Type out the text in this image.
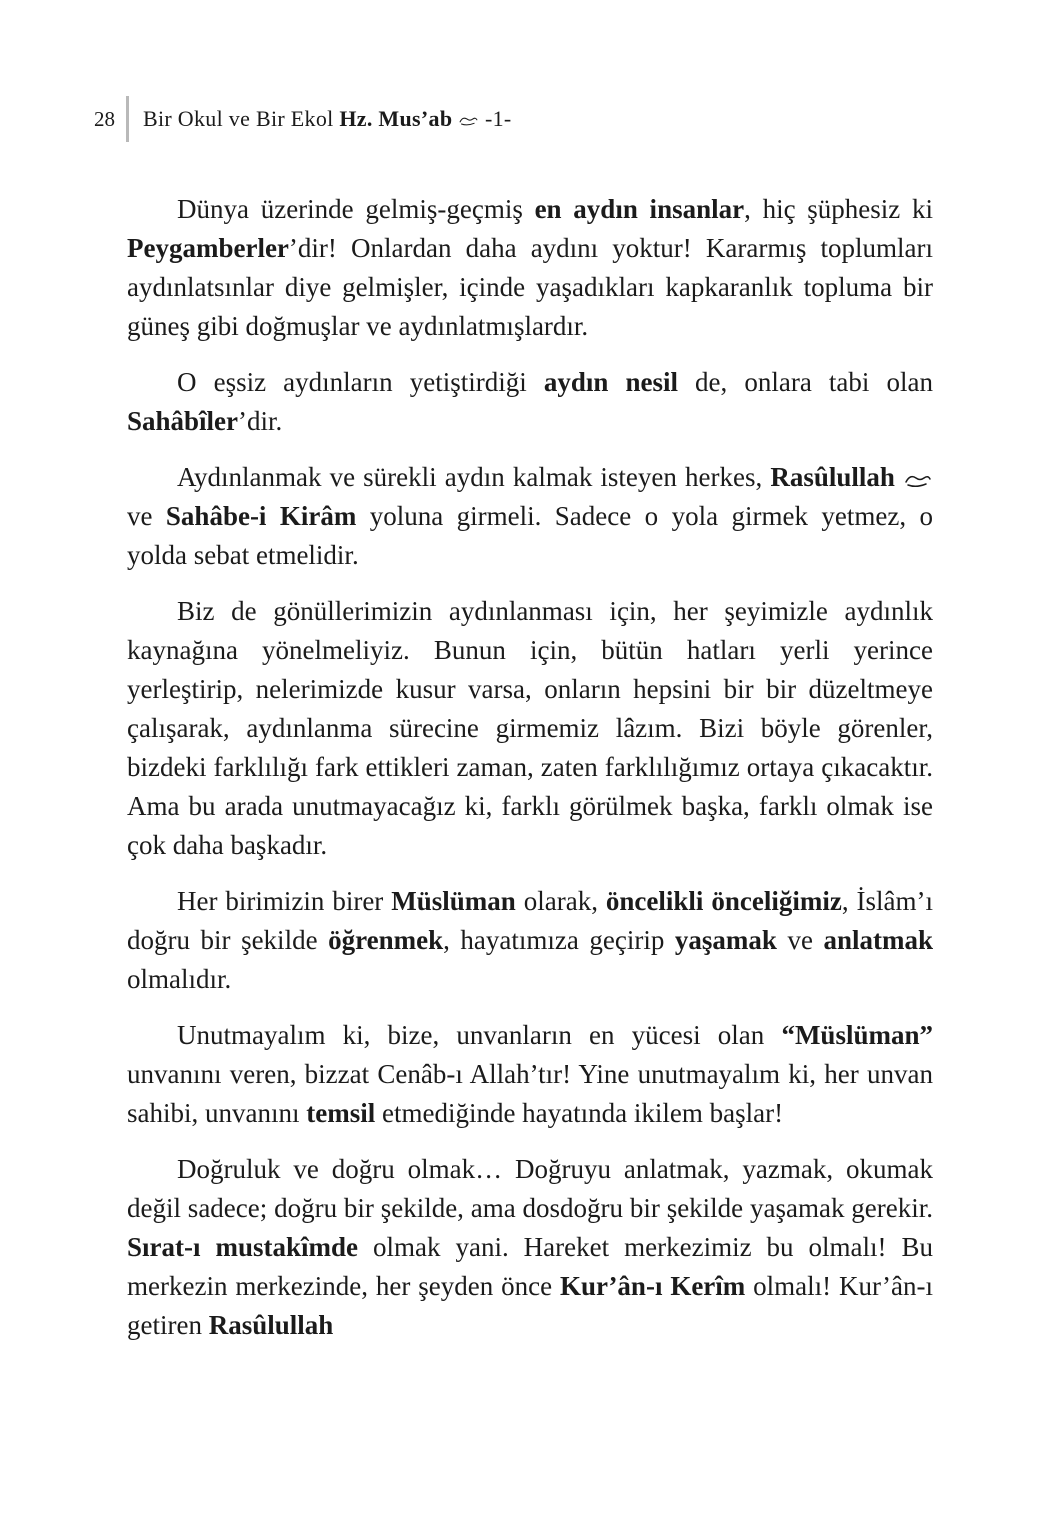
28	Bir Okul ve Bir Ekol Hz. Mus’ab -1-

Dünya üzerinde gelmiş-geçmiş en aydın insanlar, hiç şüphesiz ki Peygamberler’dir! Onlardan daha aydını yoktur! Kararmış toplumları aydınlatsınlar diye gelmişler, içinde yaşadıkları kapkaranlık topluma bir güneş gibi doğmuşlar ve aydınlatmışlardır.

O eşsiz aydınların yetiştirdiği aydın nesil de, onlara tabi olan Sahâbîler’dir.

Aydınlanmak ve sürekli aydın kalmak isteyen herkes, Rasûlullah  ve Sahâbe-i Kirâm yoluna girmeli. Sadece o yola girmek yetmez, o yolda sebat etmelidir.

Biz de gönüllerimizin aydınlanması için, her şeyimizle aydınlık kaynağına yönelmeliyiz. Bunun için, bütün hatları yerli yerince yerleştirip, nelerimizde kusur varsa, onların hepsini bir bir düzeltmeye çalışarak, aydınlanma sürecine girmemiz lâzım. Bizi böyle görenler, bizdeki farklılığı fark ettikleri zaman, zaten farklılığımız ortaya çıkacaktır. Ama bu arada unutmayacağız ki, farklı görülmek başka, farklı olmak ise çok daha başkadır.

Her birimizin birer Müslüman olarak, öncelikli önceliğimiz, İslâm’ı doğru bir şekilde öğrenmek, hayatımıza geçirip yaşamak ve anlatmak olmalıdır.

Unutmayalım ki, bize, unvanların en yücesi olan “Müslüman” unvanını veren, bizzat Cenâb-ı Allah’tır! Yine unutmayalım ki, her unvan sahibi, unvanını temsil etmediğinde hayatında ikilem başlar!

Doğruluk ve doğru olmak… Doğruyu anlatmak, yazmak, okumak değil sadece; doğru bir şekilde, ama dosdoğru bir şekilde yaşamak gerekir. Sırat-ı mustakîmde olmak yani. Hareket merkezimiz bu olmalı! Bu merkezin merkezinde, her şeyden önce Kur’ân-ı Kerîm olmalı! Kur’ân-ı getiren Rasûlullah
